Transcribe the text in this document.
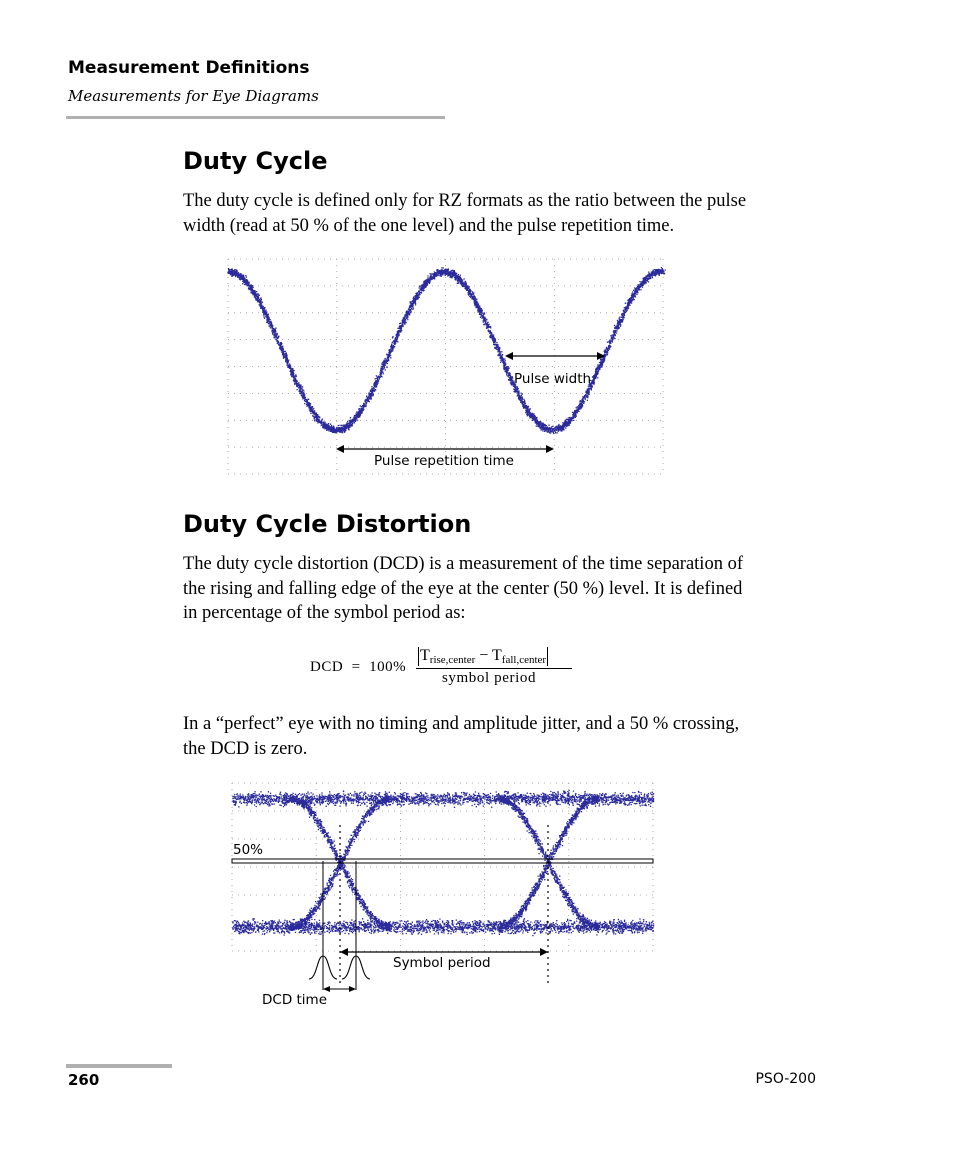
Measurement Definitions
Measurements for Eye Diagrams
Duty Cycle

The duty cycle is defined only for RZ formats as the ratio between the pulse
width (read at 50 % of the one level) and the pulse repetition time.

Pulse width
Pulse repetition time
Duty Cycle Distortion

The duty cycle distortion (DCD) is a measurement of the time separation of
the rising and falling edge of the eye at the center (50 %) level. It is defined
in percentage of the symbol period as:

DCD  =  100%
$T_{rise,center} - T_{fall,center}$
symbol period

In a “perfect” eye with no timing and amplitude jitter, and a 50 % crossing,
the DCD is zero.

50%
Symbol period
DCD time
260	PSO-200
